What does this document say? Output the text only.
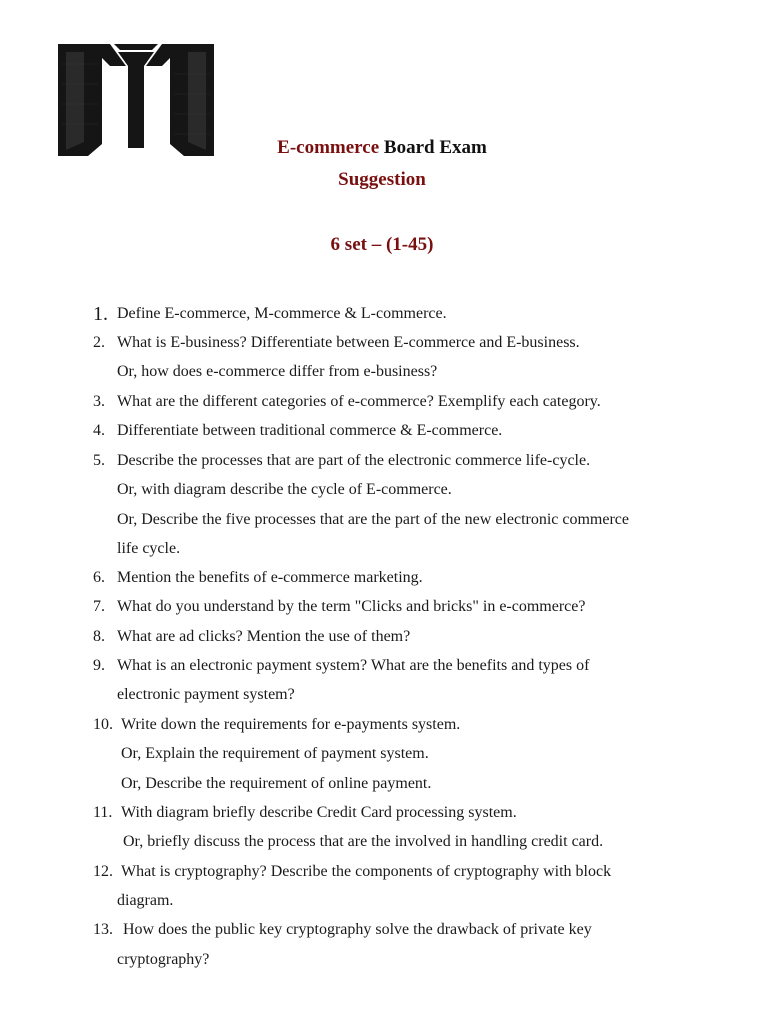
E-commerce Board Exam
Suggestion
6 set – (1-45)
1. Define E-commerce, M-commerce & L-commerce.
2. What is E-business? Differentiate between E-commerce and E-business.
Or, how does e-commerce differ from e-business?
3. What are the different categories of e-commerce? Exemplify each category.
4. Differentiate between traditional commerce & E-commerce.
5. Describe the processes that are part of the electronic commerce life-cycle.
Or, with diagram describe the cycle of E-commerce.
Or, Describe the five processes that are the part of the new electronic commerce
life cycle.
6. Mention the benefits of e-commerce marketing.
7. What do you understand by the term "Clicks and bricks" in e-commerce?
8. What are ad clicks? Mention the use of them?
9. What is an electronic payment system? What are the benefits and types of
electronic payment system?
10. Write down the requirements for e-payments system.
Or, Explain the requirement of payment system.
Or, Describe the requirement of online payment.
11. With diagram briefly describe Credit Card processing system.
Or, briefly discuss the process that are the involved in handling credit card.
12. What is cryptography? Describe the components of cryptography with block
diagram.
13. How does the public key cryptography solve the drawback of private key
cryptography?
